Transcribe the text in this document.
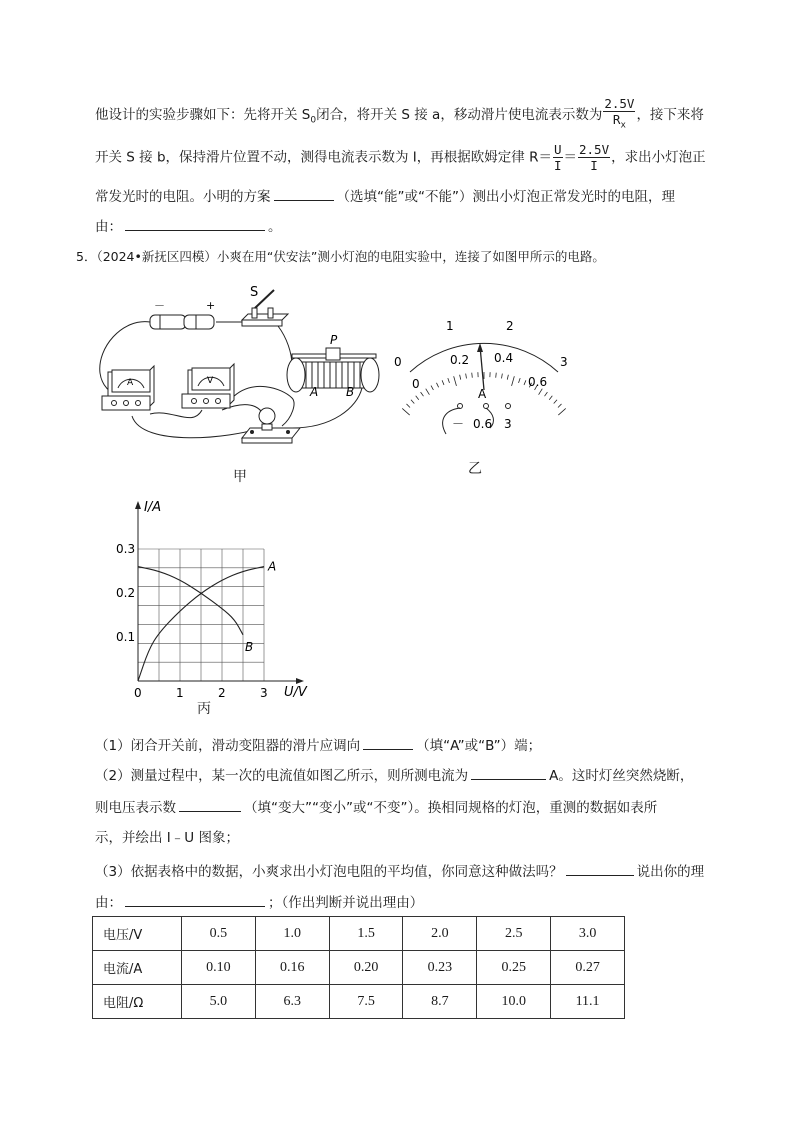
他设计的实验步骤如下：先将开关 $S_0$闭合，将开关 S 接 a，移动滑片使电流表示数为 $\frac{2.5V}{R_x}$ ，接下来将
开关 S 接 b，保持滑片位置不动，测得电流表示数为 I，再根据欧姆定律 $R= \frac{U}{I} = \frac{2.5V}{I}$ ，求出小灯泡正
常发光时的电阻。小明的方案	（选填“能”或“不能”）测出小灯泡正常发光时的电阻，理
由：	。
5．（2024•新抚区四模）小爽在用“伏安法”测小灯泡的电阻实验中，连接了如图甲所示的电路。
－	+
S
P
A B
A	V
甲
0
1	2
3
0
0.2 0.4
0.6
A
－ 0.6 3
乙
I/A
U/V
0	1	2	3
0.3
0.2
0.1
A
B
丙
（1）闭合开关前，滑动变阻器的滑片应调向	（填“A”或“B”）端；
（2）测量过程中，某一次的电流值如图乙所示，则所测电流为	A。这时灯丝突然烧断，
则电压表示数	（填“变大”“变小”或“不变”）。换相同规格的灯泡，重测的数据如表所
示，并绘出 I﹣U 图象；
（3）依据表格中的数据，小爽求出小灯泡电阻的平均值，你同意这种做法吗？	说出你的理
由：	；（作出判断并说出理由）
电压/V	0.5	1.0	1.5	2.0	2.5	3.0
电流/A	0.10	0.16	0.20	0.23	0.25	0.27
电阻/Ω	5.0	6.3	7.5	8.7	10.0	11.1
